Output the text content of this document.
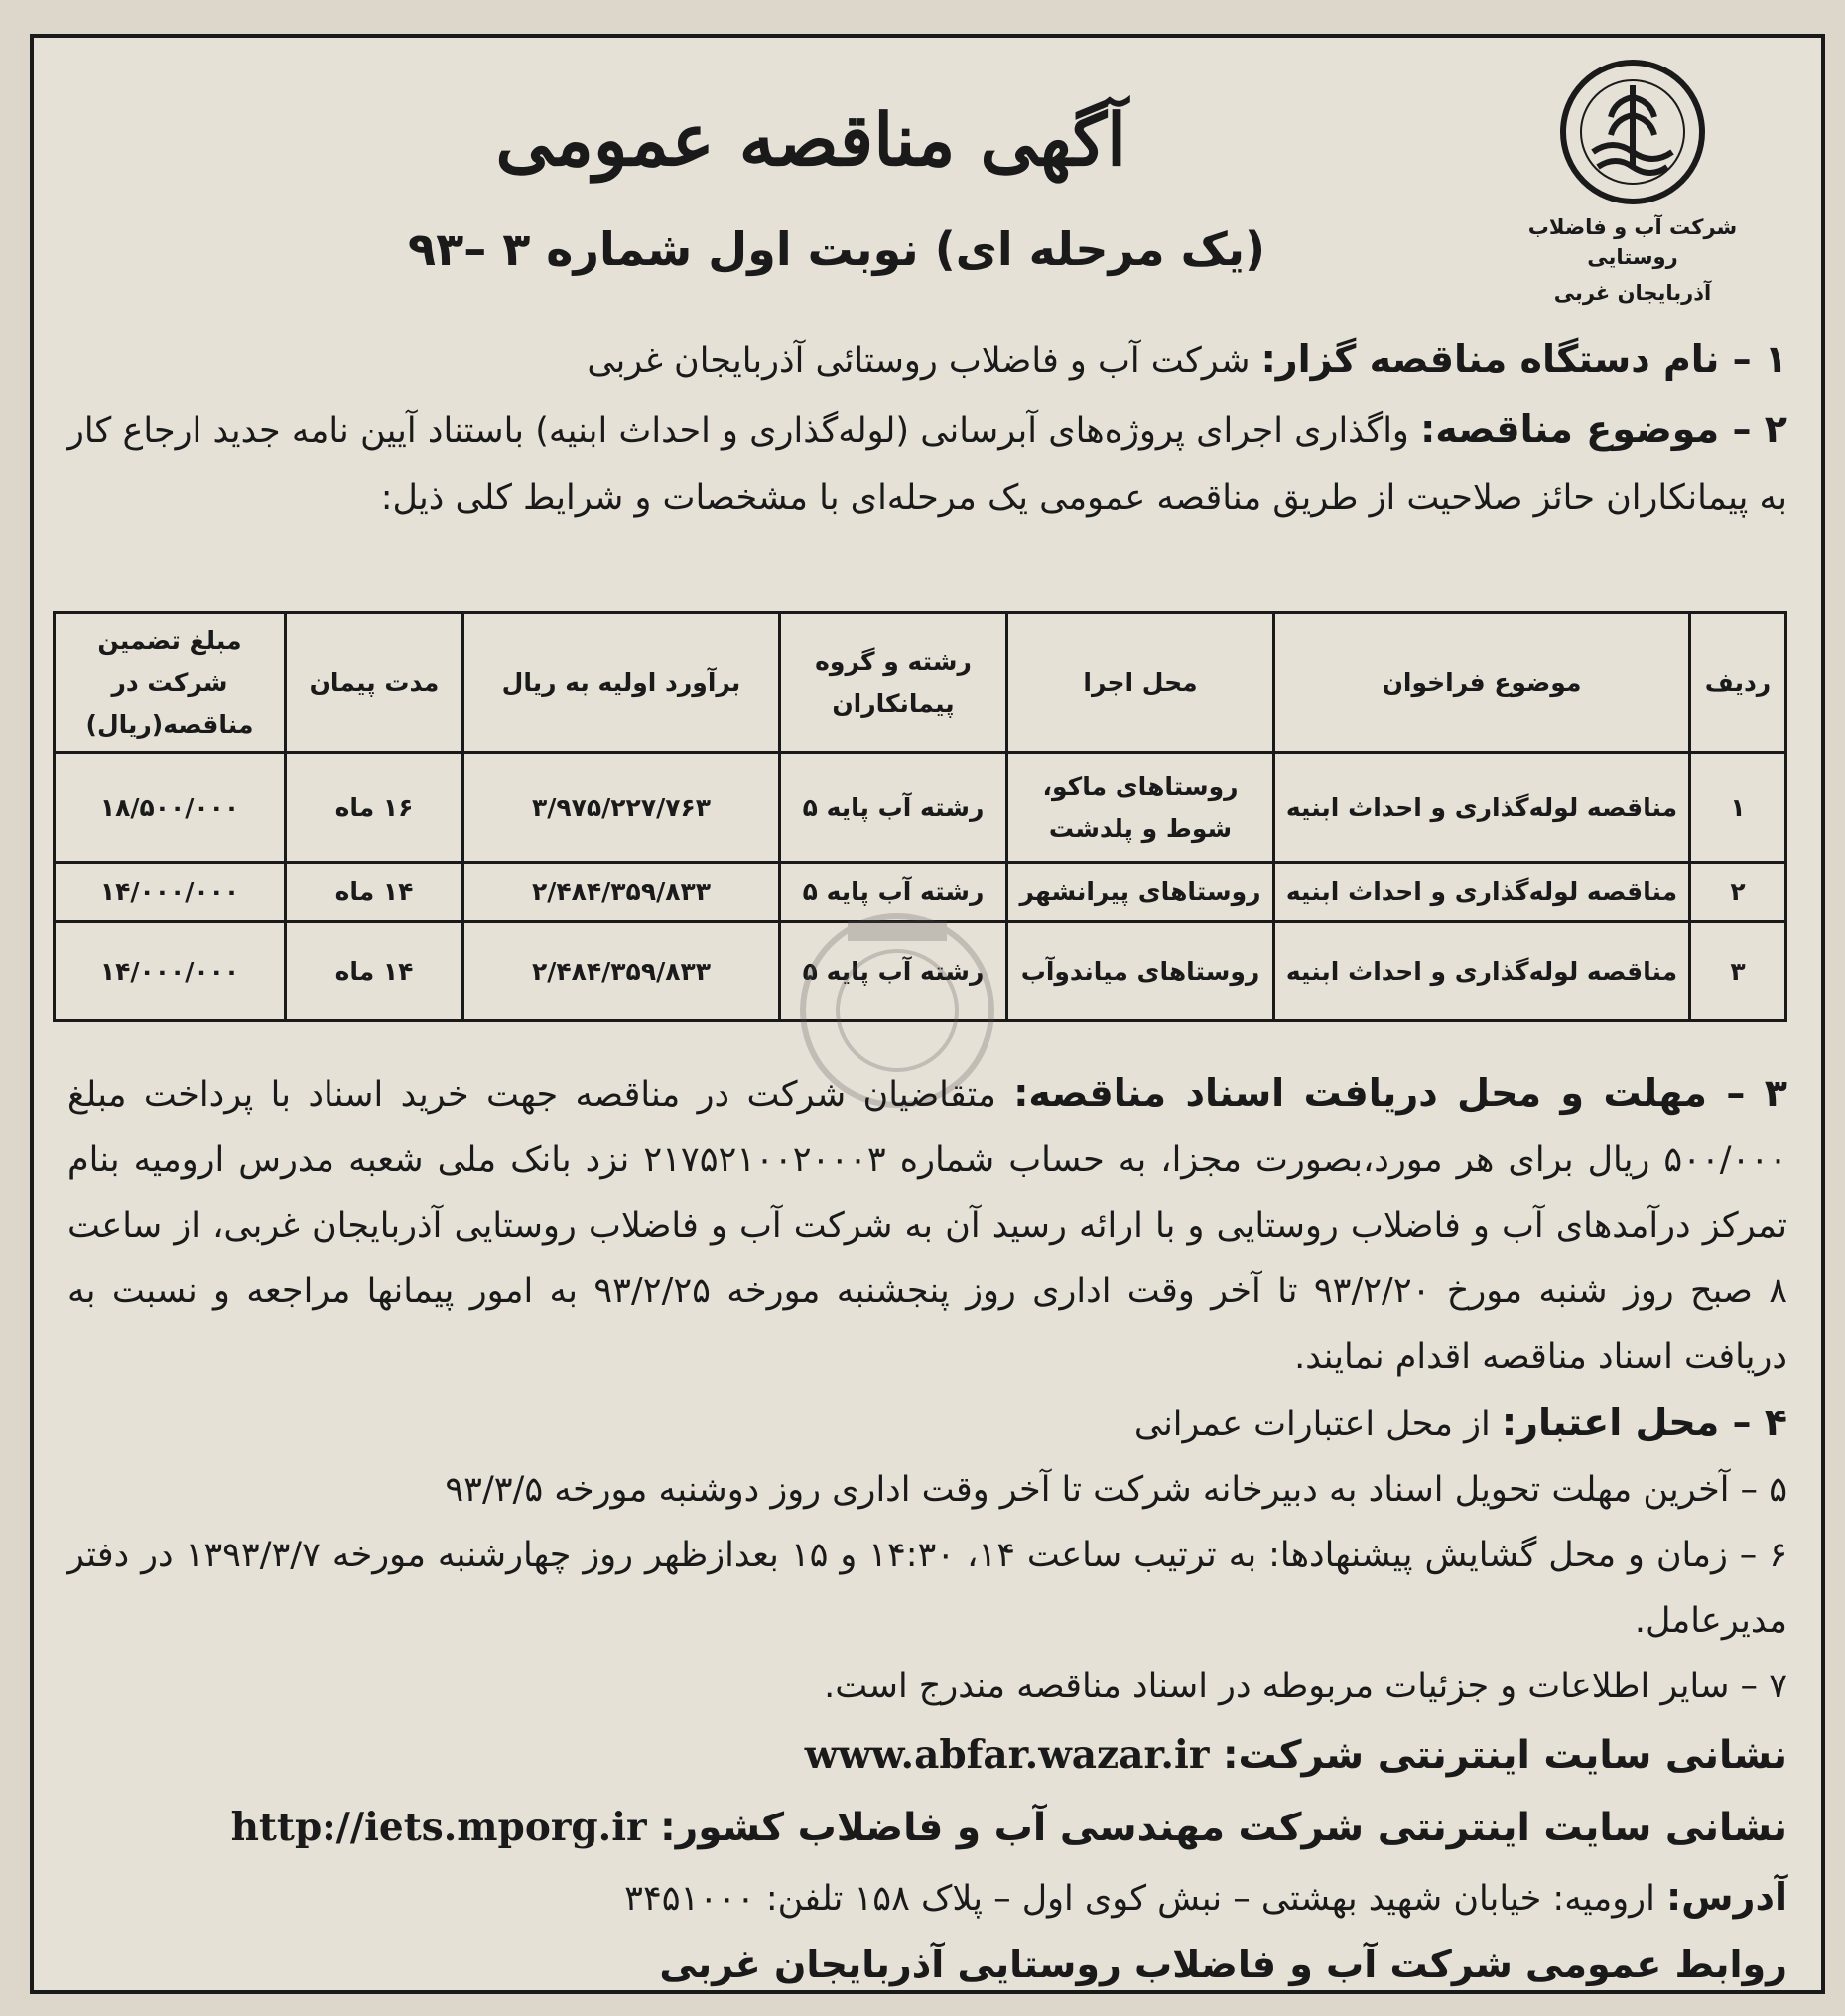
شرکت آب و فاضلاب روستایی
آذربایجان غربی
آگهی مناقصه عمومی
(یک مرحله ای) نوبت اول شماره ۳ –۹۳

۱ – نام دستگاه مناقصه گزار: شرکت آب و فاضلاب روستائی آذربایجان غربی

۲ – موضوع مناقصه: واگذاری اجرای پروژه‌های آبرسانی (لوله‌گذاری و احداث ابنیه) باستناد آیین نامه جدید ارجاع کار به پیمانکاران حائز صلاحیت از طریق مناقصه عمومی یک مرحله‌ای با مشخصات و شرایط کلی ذیل:

ردیف	موضوع فراخوان	محل اجرا	رشته و گروه پیمانکاران	برآورد اولیه به ریال	مدت پیمان	مبلغ تضمین شرکت در مناقصه(ریال)
۱	مناقصه لوله‌گذاری و احداث ابنیه	روستاهای ماکو، شوط و پلدشت	رشته آب پایه ۵	۳/۹۷۵/۲۲۷/۷۶۳	۱۶ ماه	۱۸/۵۰۰/۰۰۰
۲	مناقصه لوله‌گذاری و احداث ابنیه	روستاهای پیرانشهر	رشته آب پایه ۵	۲/۴۸۴/۳۵۹/۸۳۳	۱۴ ماه	۱۴/۰۰۰/۰۰۰
۳	مناقصه لوله‌گذاری و احداث ابنیه	روستاهای میاندوآب	رشته آب پایه ۵	۲/۴۸۴/۳۵۹/۸۳۳	۱۴ ماه	۱۴/۰۰۰/۰۰۰

۳ – مهلت و محل دریافت اسناد مناقصه: متقاضیان شرکت در مناقصه جهت خرید اسناد با پرداخت مبلغ ۵۰۰/۰۰۰ ریال برای هر مورد،بصورت مجزا، به حساب شماره ۲۱۷۵۲۱۰۰۲۰۰۰۳ نزد بانک ملی شعبه مدرس ارومیه بنام تمرکز درآمدهای آب و فاضلاب روستایی و با ارائه رسید آن به شرکت آب و فاضلاب روستایی آذربایجان غربی، از ساعت ۸ صبح روز شنبه مورخ ۹۳/۲/۲۰ تا آخر وقت اداری روز پنجشنبه مورخه ۹۳/۲/۲۵ به امور پیمانها مراجعه و نسبت به دریافت اسناد مناقصه اقدام نمایند.

۴ – محل اعتبار: از محل اعتبارات عمرانی

۵ – آخرین مهلت تحویل اسناد به دبیرخانه شرکت تا آخر وقت اداری روز دوشنبه مورخه ۹۳/۳/۵

۶ – زمان و محل گشایش پیشنهادها: به ترتیب ساعت ۱۴، ۱۴:۳۰ و ۱۵ بعدازظهر روز چهارشنبه مورخه ۱۳۹۳/۳/۷ در دفتر مدیرعامل.

۷ – سایر اطلاعات و جزئیات مربوطه در اسناد مناقصه مندرج است.

نشانی سایت اینترنتی شرکت: www.abfar.wazar.ir

نشانی سایت اینترنتی شرکت مهندسی آب و فاضلاب کشور: http://iets.mporg.ir

آدرس: ارومیه: خیابان شهید بهشتی – نبش کوی اول – پلاک ۱۵۸ تلفن: ۳۴۵۱۰۰۰

روابط عمومی شرکت آب و فاضلاب روستایی آذربایجان غربی
